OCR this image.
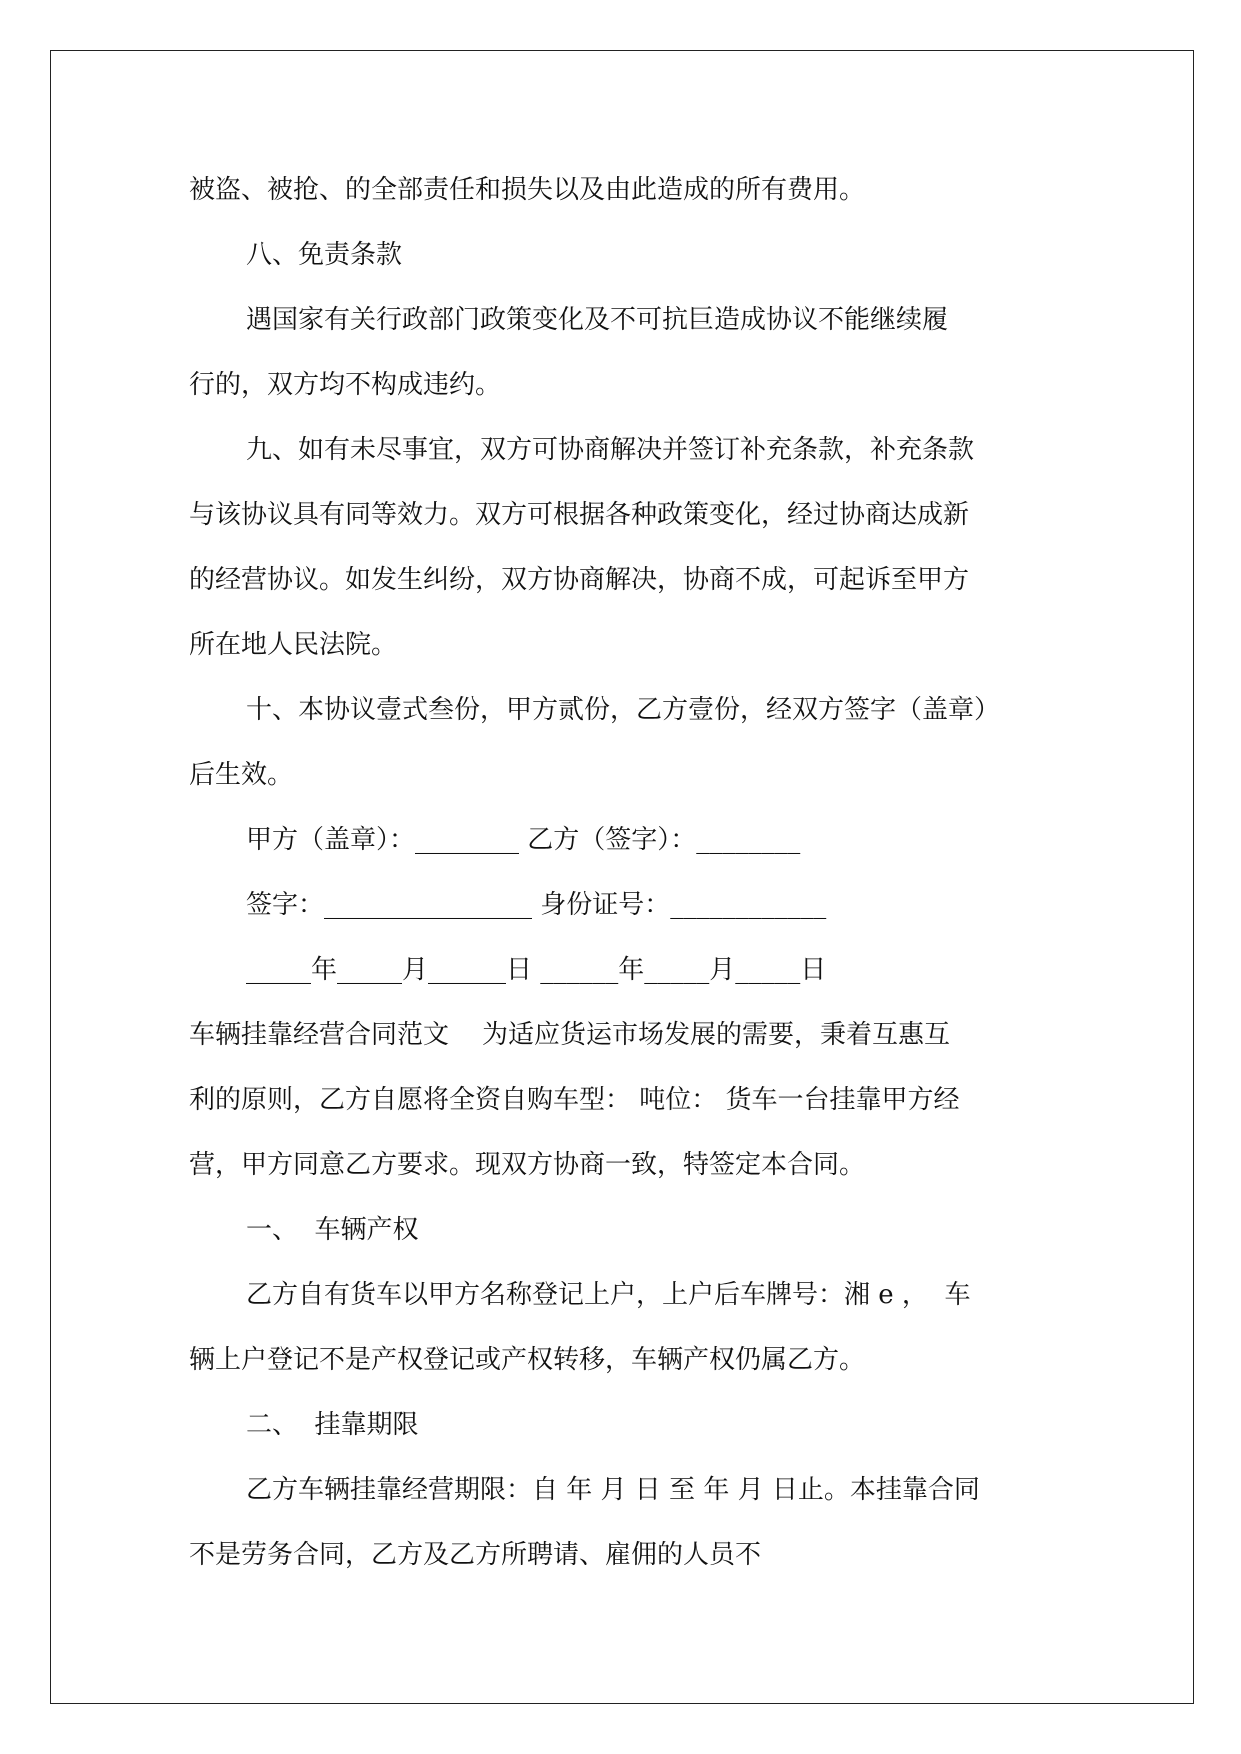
被盗、被抢、的全部责任和损失以及由此造成的所有费用。
八、免责条款
遇国家有关行政部门政策变化及不可抗巨造成协议不能继续履
行的，双方均不构成违约。
九、如有未尽事宜，双方可协商解决并签订补充条款，补充条款
与该协议具有同等效力。双方可根据各种政策变化，经过协商达成新
的经营协议。如发生纠纷，双方协商解决，协商不成，可起诉至甲方
所在地人民法院。
十、本协议壹式叁份，甲方贰份，乙方壹份，经双方签字（盖章）
后生效。
甲方（盖章）：________ 乙方（签字）：________
签字：________________ 身份证号：____________
_____年_____月______日 ______年_____月_____日
车辆挂靠经营合同范文    为适应货运市场发展的需要，秉着互惠互
利的原则，乙方自愿将全资自购车型： 吨位： 货车一台挂靠甲方经
营，甲方同意乙方要求。现双方协商一致，特签定本合同。
一、  车辆产权
乙方自有货车以甲方名称登记上户，上户后车牌号：湘 e ，  车
辆上户登记不是产权登记或产权转移，车辆产权仍属乙方。
二、  挂靠期限
乙方车辆挂靠经营期限：自 年 月 日 至 年 月 日止。本挂靠合同
不是劳务合同，乙方及乙方所聘请、雇佣的人员不
